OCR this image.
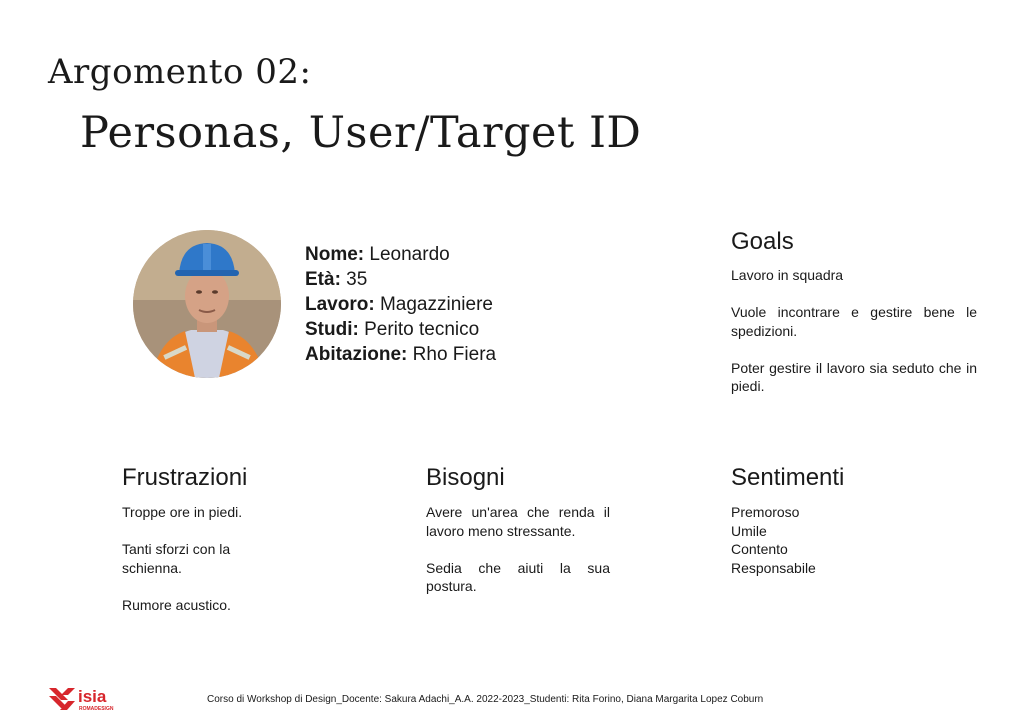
Argomento 02:
Personas, User/Target ID
Nome: Leonardo
Età: 35
Lavoro: Magazziniere
Studi: Perito tecnico
Abitazione: Rho Fiera
Goals

Lavoro in squadra

Vuole incontrare e gestire bene le spedizioni.

Poter gestire il lavoro sia seduto che in piedi.

Frustrazioni

Troppe ore in piedi.

Tanti sforzi con la schienna.

Rumore acustico.

Bisogni

Avere un'area che renda il lavoro meno stressante.

Sedia che aiuti la sua postura.

Sentimenti

Premoroso

Umile

Contento

Responsabile

isia
ROMADESIGN
Corso di Workshop di Design_Docente: Sakura Adachi_A.A. 2022-2023_Studenti: Rita Forino, Diana Margarita Lopez Coburn
